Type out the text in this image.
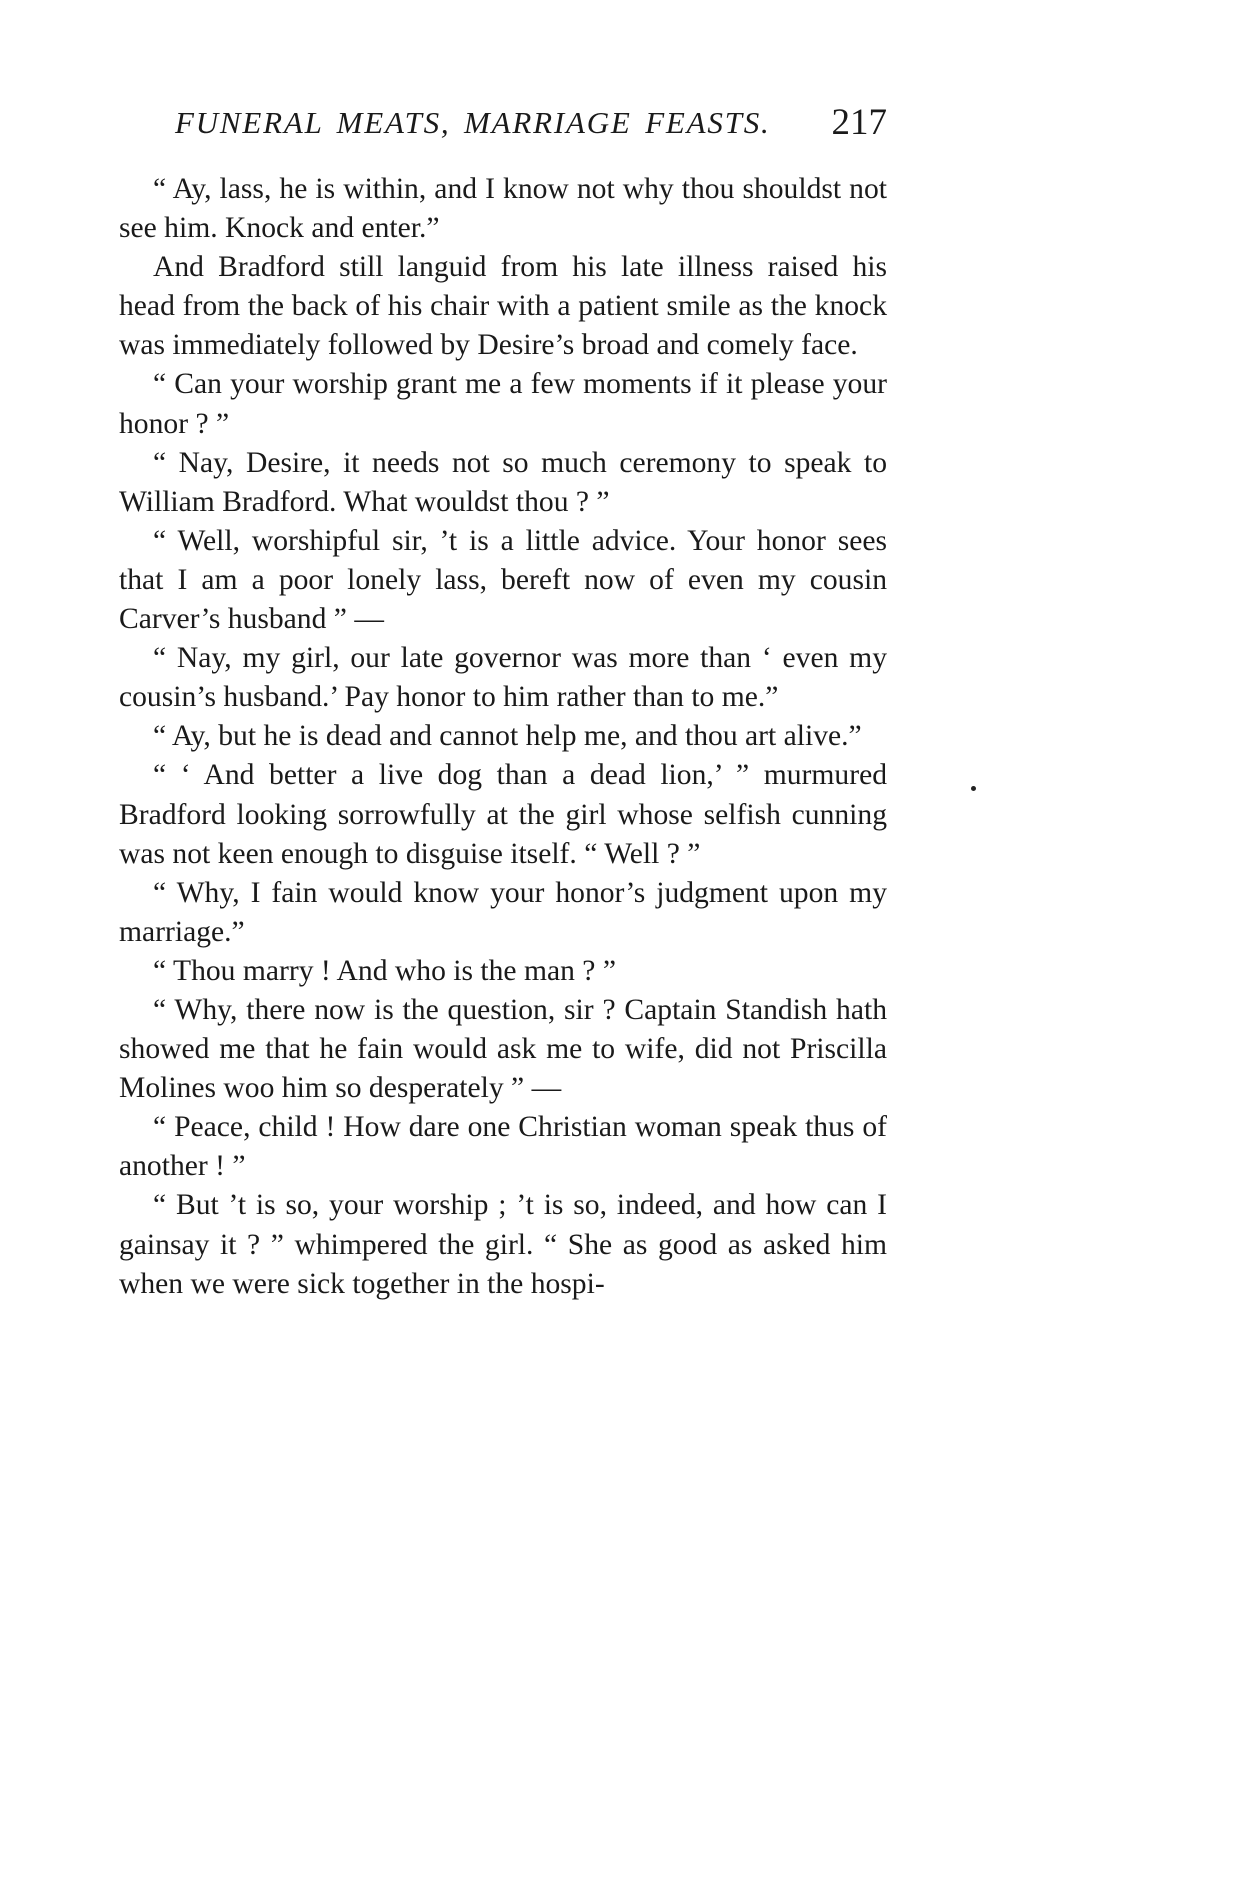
FUNERAL MEATS, MARRIAGE FEASTS. 217

“ Ay, lass, he is within, and I know not why thou shouldst not see him. Knock and enter.”

And Bradford still languid from his late illness raised his head from the back of his chair with a patient smile as the knock was immediately followed by Desire’s broad and comely face.

“ Can your worship grant me a few moments if it please your honor ? ”

“ Nay, Desire, it needs not so much ceremony to speak to William Bradford. What wouldst thou ? ”

“ Well, worshipful sir, ’t is a little advice. Your honor sees that I am a poor lonely lass, bereft now of even my cousin Carver’s husband ” —

“ Nay, my girl, our late governor was more than ‘ even my cousin’s husband.’ Pay honor to him rather than to me.”

“ Ay, but he is dead and cannot help me, and thou art alive.”

“ ‘ And better a live dog than a dead lion,’ ” murmured Bradford looking sorrowfully at the girl whose selfish cunning was not keen enough to disguise itself. “ Well ? ”

“ Why, I fain would know your honor’s judgment upon my marriage.”

“ Thou marry ! And who is the man ? ”

“ Why, there now is the question, sir ? Captain Standish hath showed me that he fain would ask me to wife, did not Priscilla Molines woo him so desperately ” —

“ Peace, child ! How dare one Christian woman speak thus of another ! ”

“ But ’t is so, your worship ; ’t is so, indeed, and how can I gainsay it ? ” whimpered the girl. “ She as good as asked him when we were sick together in the hospi-
